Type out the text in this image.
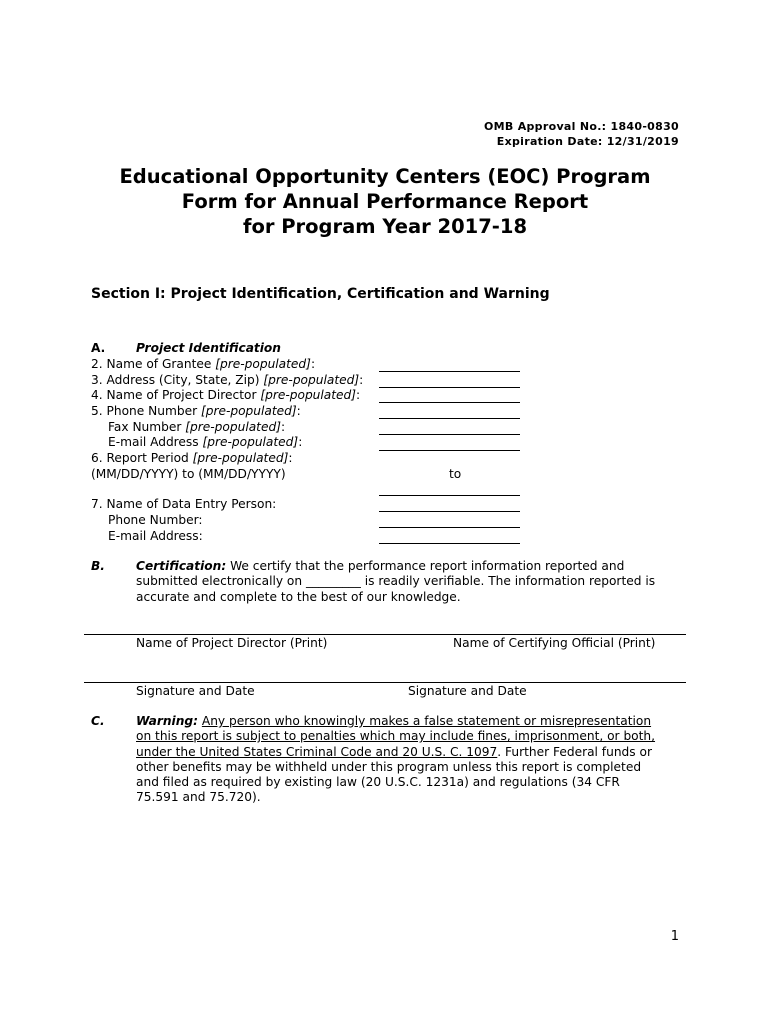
OMB Approval No.: 1840-0830
Expiration Date: 12/31/2019
Educational Opportunity Centers (EOC) Program
Form for Annual Performance Report
for Program Year 2017-18
Section I: Project Identification, Certification and Warning
A.	Project Identification
2. Name of Grantee [pre-populated]:
3. Address (City, State, Zip) [pre-populated]:
4. Name of Project Director [pre-populated]:
5. Phone Number [pre-populated]:
Fax Number [pre-populated]:
E-mail Address [pre-populated]:
6. Report Period [pre-populated]:
(MM/DD/YYYY) to (MM/DD/YYYY)	to
7. Name of Data Entry Person:
Phone Number:
E-mail Address:
B.	Certification: We certify that the performance report information reported and

submitted electronically on _________ is readily verifiable. The information reported is

accurate and complete to the best of our knowledge.

Name of Project Director (Print)	Name of Certifying Official (Print)
Signature and Date	Signature and Date
C.	Warning: Any person who knowingly makes a false statement or misrepresentation

on this report is subject to penalties which may include fines, imprisonment, or both,

under the United States Criminal Code and 20 U.S. C. 1097. Further Federal funds or

other benefits may be withheld under this program unless this report is completed

and filed as required by existing law (20 U.S.C. 1231a) and regulations (34 CFR

75.591 and 75.720).

1
